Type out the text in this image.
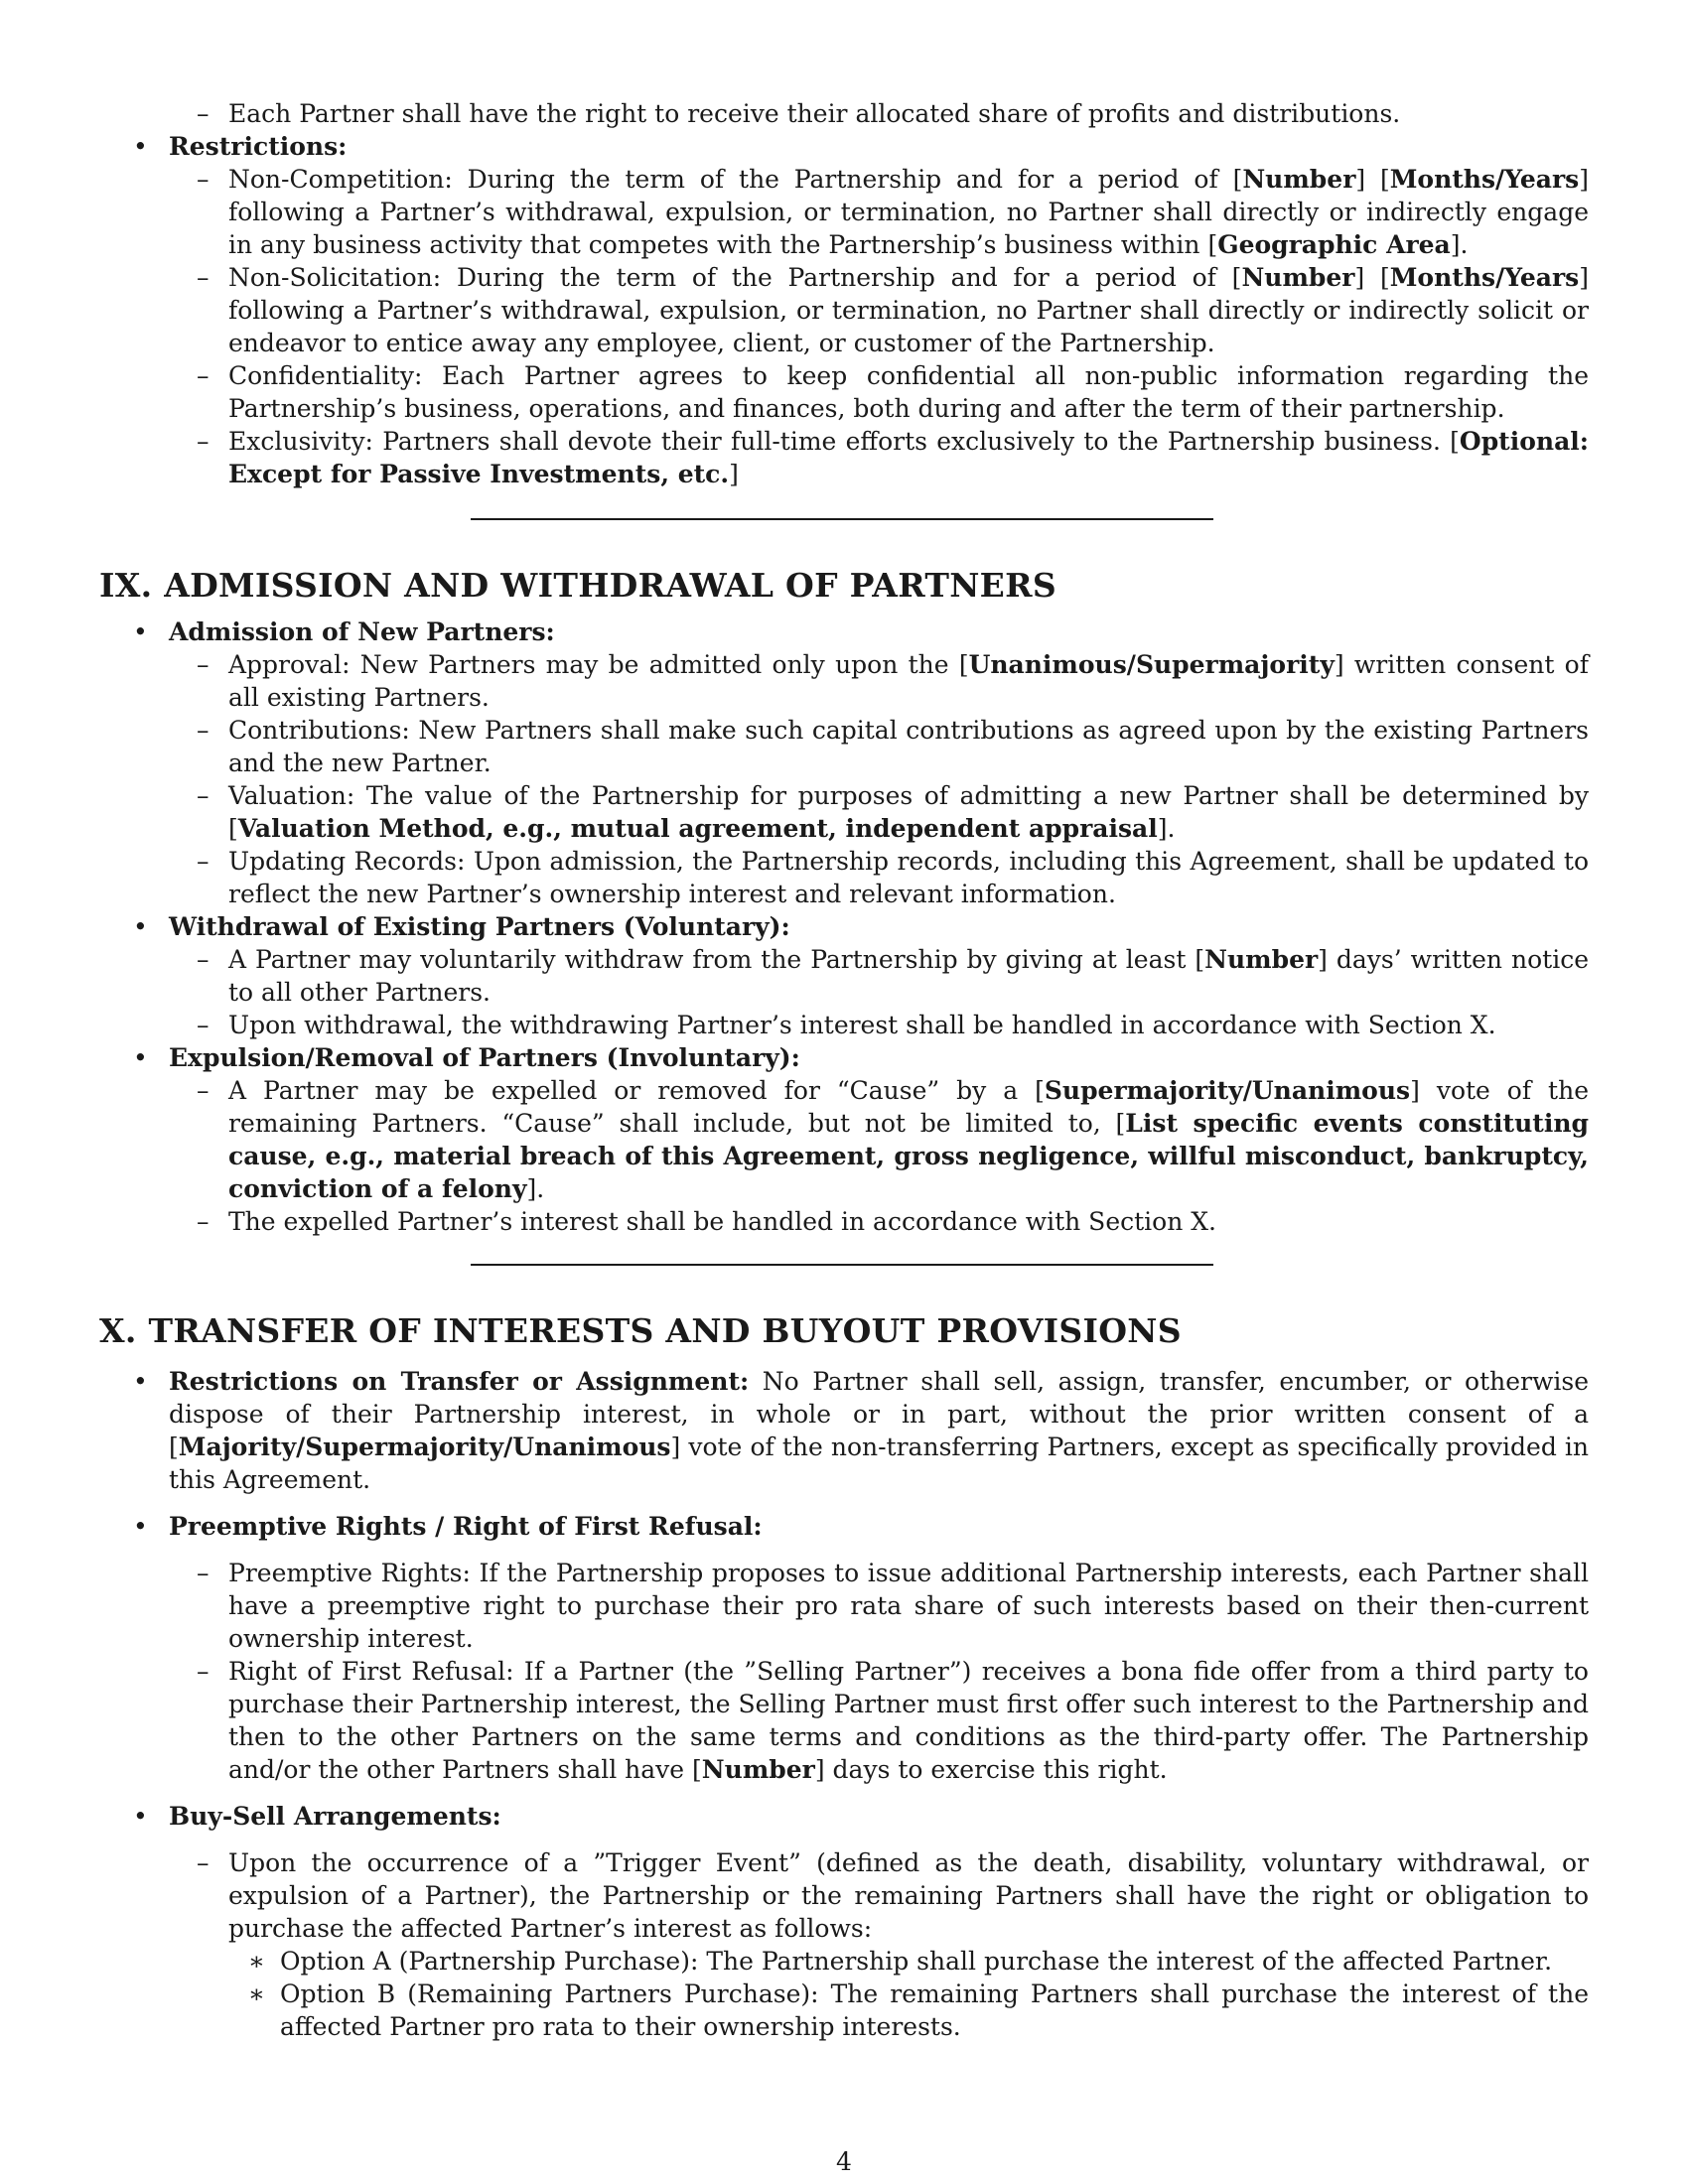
– Each Partner shall have the right to receive their allocated share of profits and distributions.
• Restrictions:
– Non-Competition: During the term of the Partnership and for a period of [Number] [Months/Years] following a Partner’s withdrawal, expulsion, or termination, no Partner shall directly or indirectly engage in any business activity that competes with the Partnership’s business within [Geographic Area].
– Non-Solicitation: During the term of the Partnership and for a period of [Number] [Months/Years] following a Partner’s withdrawal, expulsion, or termination, no Partner shall directly or indirectly solicit or endeavor to entice away any employee, client, or customer of the Partnership.
– Confidentiality: Each Partner agrees to keep confidential all non-public information regarding the Partnership’s business, operations, and finances, both during and after the term of their partnership.
– Exclusivity: Partners shall devote their full-time efforts exclusively to the Partnership business. [Optional: Except for Passive Investments, etc.]
IX. ADMISSION AND WITHDRAWAL OF PARTNERS
• Admission of New Partners:
– Approval: New Partners may be admitted only upon the [Unanimous/Supermajority] written consent of all existing Partners.
– Contributions: New Partners shall make such capital contributions as agreed upon by the existing Partners and the new Partner.
– Valuation: The value of the Partnership for purposes of admitting a new Partner shall be determined by [Valuation Method, e.g., mutual agreement, independent appraisal].
– Updating Records: Upon admission, the Partnership records, including this Agreement, shall be updated to reflect the new Partner’s ownership interest and relevant information.
• Withdrawal of Existing Partners (Voluntary):
– A Partner may voluntarily withdraw from the Partnership by giving at least [Number] days’ written notice to all other Partners.
– Upon withdrawal, the withdrawing Partner’s interest shall be handled in accordance with Section X.
• Expulsion/Removal of Partners (Involuntary):
– A Partner may be expelled or removed for “Cause” by a [Supermajority/Unanimous] vote of the remaining Partners. “Cause” shall include, but not be limited to, [List specific events constituting cause, e.g., material breach of this Agreement, gross negligence, willful misconduct, bankruptcy, conviction of a felony].
– The expelled Partner’s interest shall be handled in accordance with Section X.
X. TRANSFER OF INTERESTS AND BUYOUT PROVISIONS
• Restrictions on Transfer or Assignment: No Partner shall sell, assign, transfer, encumber, or otherwise dispose of their Partnership interest, in whole or in part, without the prior written consent of a [Majority/Supermajority/Unanimous] vote of the non-transferring Partners, except as specifically provided in this Agreement.
• Preemptive Rights / Right of First Refusal:
– Preemptive Rights: If the Partnership proposes to issue additional Partnership interests, each Partner shall have a preemptive right to purchase their pro rata share of such interests based on their then-current ownership interest.
– Right of First Refusal: If a Partner (the ”Selling Partner”) receives a bona fide offer from a third party to purchase their Partnership interest, the Selling Partner must first offer such interest to the Partnership and then to the other Partners on the same terms and conditions as the third-party offer. The Partnership and/or the other Partners shall have [Number] days to exercise this right.
• Buy-Sell Arrangements:
– Upon the occurrence of a ”Trigger Event” (defined as the death, disability, voluntary withdrawal, or expulsion of a Partner), the Partnership or the remaining Partners shall have the right or obligation to purchase the affected Partner’s interest as follows:
∗ Option A (Partnership Purchase): The Partnership shall purchase the interest of the affected Partner.
∗ Option B (Remaining Partners Purchase): The remaining Partners shall purchase the interest of the affected Partner pro rata to their ownership interests.
4
